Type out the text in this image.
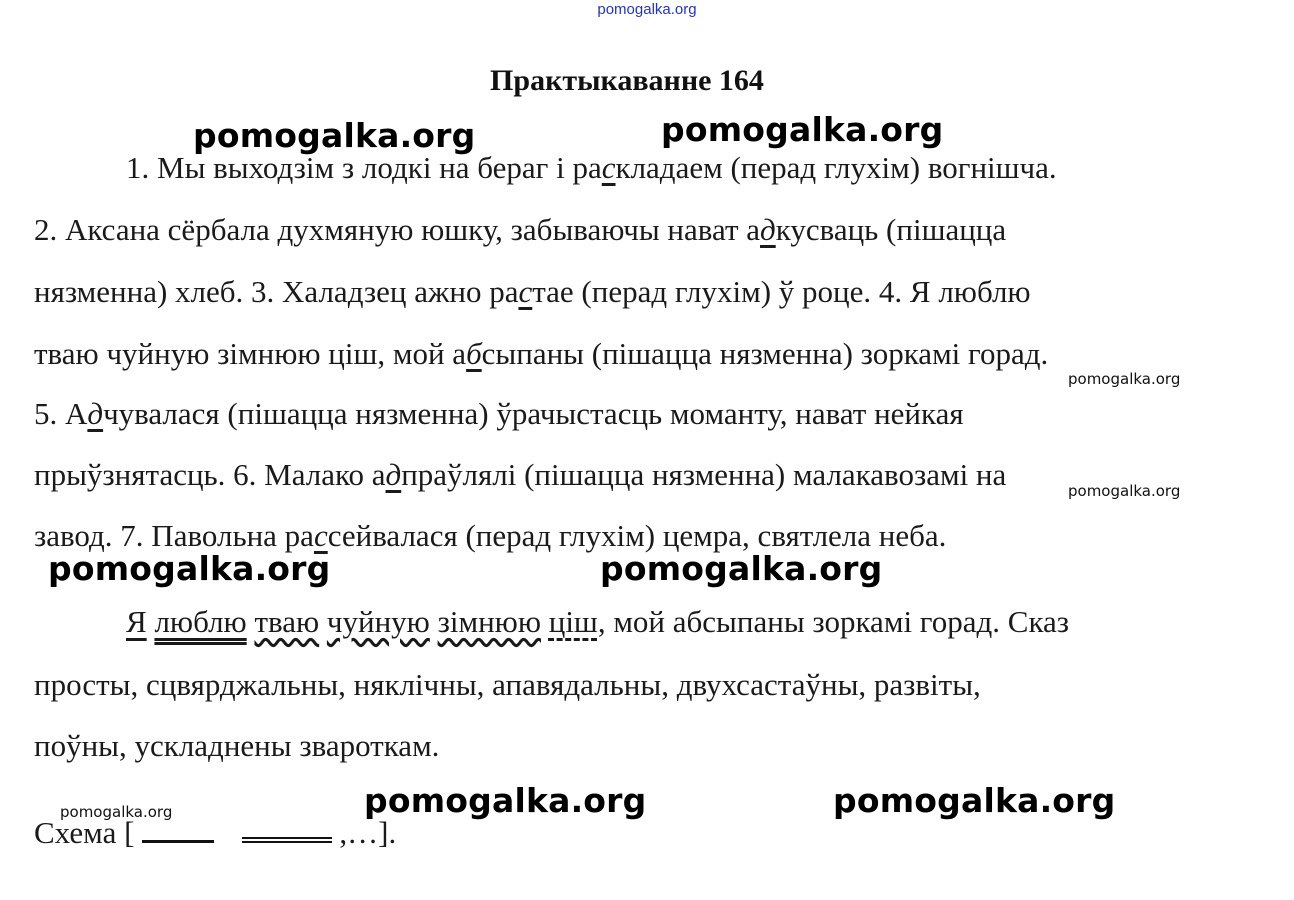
pomogalka.org
Практыкаванне 164
pomogalka.org	pomogalka.org
1. Мы выходзім з лодкі на бераг і раскладаем (перад глухім) вогнішча.
2. Аксана сёрбала духмяную юшку, забываючы нават адкусваць (пішацца
нязменна) хлеб. 3. Халадзец ажно растае (перад глухім) ў роце. 4. Я люблю
тваю чуйную зімнюю ціш, мой абсыпаны (пішацца нязменна) зоркамі горад.
pomogalka.org
5. Адчувалася (пішацца нязменна) ўрачыстасць моманту, нават нейкая
прыўзнятасць. 6. Малако адпраўлялі (пішацца нязменна) малакавозамі на	pomogalka.org
завод. 7. Павольна рассейвалася (перад глухім) цемра, святлела неба.
pomogalka.org	pomogalka.org
Я люблю тваю чуйную зімнюю ціш, мой абсыпаны зоркамі горад. Сказ
просты, сцвярджальны, няклічны, апавядальны, двухсастаўны, развіты,
поўны, ускладнены звароткам.
pomogalka.org	pomogalka.org	pomogalka.org
Схема [	,…].
